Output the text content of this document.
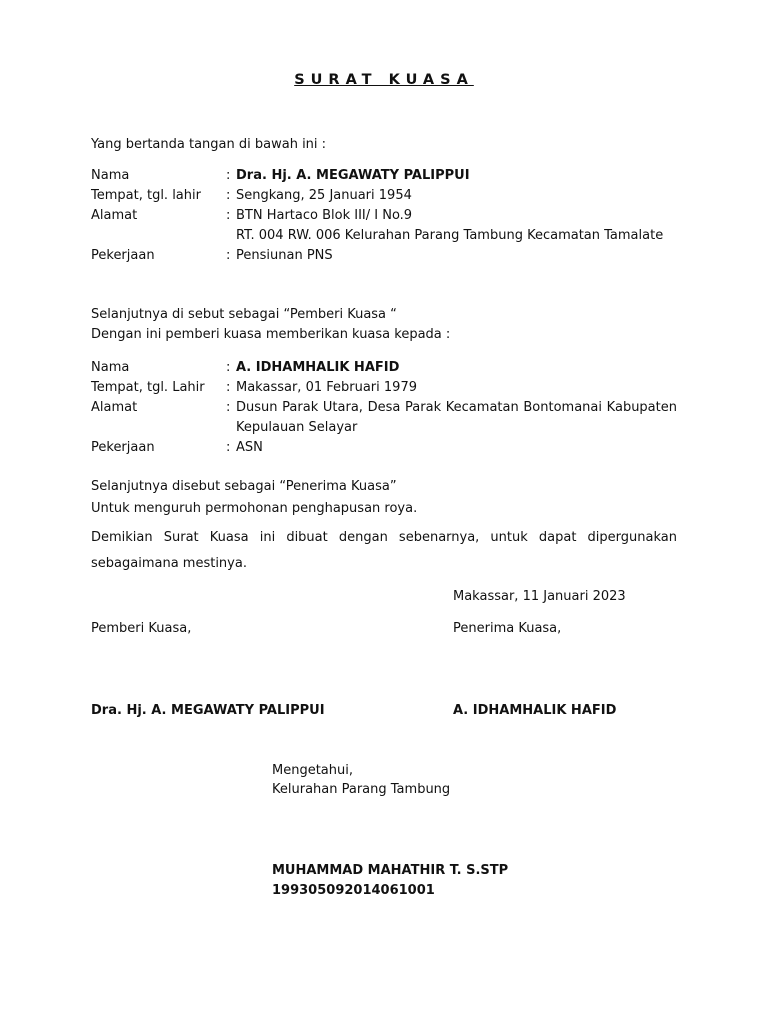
SURAT KUASA
Yang bertanda tangan di bawah ini :
Nama	: Dra. Hj. A. MEGAWATY PALIPPUI
Tempat, tgl. lahir	: Sengkang, 25 Januari 1954
Alamat	: BTN Hartaco Blok III/ I No.9
RT. 004 RW. 006 Kelurahan Parang Tambung Kecamatan Tamalate
Pekerjaan	: Pensiunan PNS
Selanjutnya di sebut sebagai “Pemberi Kuasa “
Dengan ini pemberi kuasa memberikan kuasa kepada :
Nama	: A. IDHAMHALIK HAFID
Tempat, tgl. Lahir	: Makassar, 01 Februari 1979
Alamat	: Dusun Parak Utara, Desa Parak Kecamatan Bontomanai Kabupaten Kepulauan Selayar
Pekerjaan	: ASN
Selanjutnya disebut sebagai “Penerima Kuasa”
Untuk menguruh permohonan penghapusan roya.
Demikian Surat Kuasa ini dibuat dengan sebenarnya, untuk dapat dipergunakan sebagaimana mestinya.
Makassar, 11 Januari 2023
Pemberi Kuasa,	Penerima Kuasa,
Dra. Hj. A. MEGAWATY PALIPPUI	A. IDHAMHALIK HAFID
Mengetahui,
Kelurahan Parang Tambung
MUHAMMAD MAHATHIR T. S.STP
199305092014061001
